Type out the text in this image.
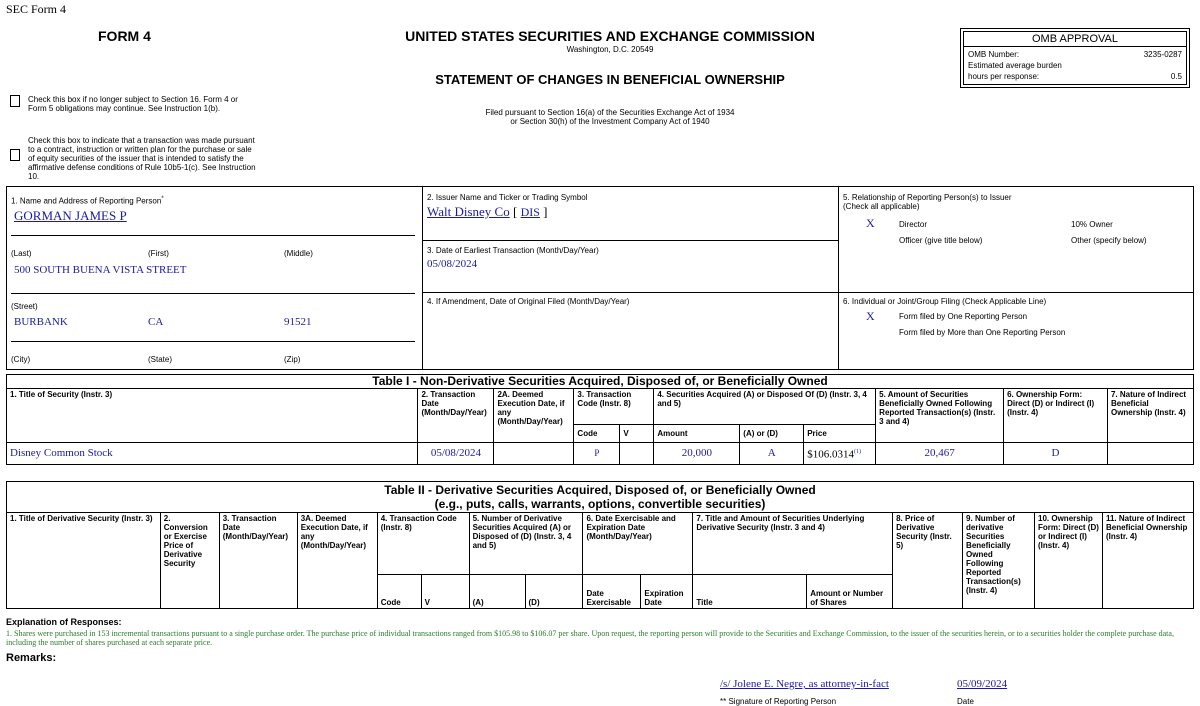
SEC Form 4
FORM 4	UNITED STATES SECURITIES AND EXCHANGE COMMISSION
Washington, D.C. 20549
STATEMENT OF CHANGES IN BENEFICIAL OWNERSHIP
Filed pursuant to Section 16(a) of the Securities Exchange Act of 1934
or Section 30(h) of the Investment Company Act of 1940
OMB APPROVAL
OMB Number:	3235-0287
Estimated average burden
hours per response:	0.5
Check this box if no longer subject to Section 16. Form 4 or Form 5 obligations may continue. See Instruction 1(b).
Check this box to indicate that a transaction was made pursuant to a contract, instruction or written plan for the purchase or sale of equity securities of the issuer that is intended to satisfy the affirmative defense conditions of Rule 10b5-1(c). See Instruction 10.
1. Name and Address of Reporting Person*
GORMAN JAMES P
(Last)	(First)	(Middle)
500 SOUTH BUENA VISTA STREET
(Street)
BURBANK	CA	91521
(City)	(State)	(Zip)
2. Issuer Name and Ticker or Trading Symbol
Walt Disney Co [ DIS ]
3. Date of Earliest Transaction (Month/Day/Year)
05/08/2024
4. If Amendment, Date of Original Filed (Month/Day/Year)
5. Relationship of Reporting Person(s) to Issuer
(Check all applicable)
X	Director	10% Owner
Officer (give title below)	Other (specify below)
6. Individual or Joint/Group Filing (Check Applicable Line)
X	Form filed by One Reporting Person
Form filed by More than One Reporting Person
Table I - Non-Derivative Securities Acquired, Disposed of, or Beneficially Owned										
1. Title of Security (Instr. 3)	2. Transaction Date (Month/Day/Year)	2A. Deemed Execution Date, if any (Month/Day/Year)	3. Transaction Code (Instr. 8)		4. Securities Acquired (A) or Disposed Of (D) (Instr. 3, 4 and 5)			5. Amount of Securities Beneficially Owned Following Reported Transaction(s) (Instr. 3 and 4)	6. Ownership Form: Direct (D) or Indirect (I) (Instr. 4)	7. Nature of Indirect Beneficial Ownership (Instr. 4)
			Code	V	Amount	(A) or (D)	Price			
Disney Common Stock	05/08/2024		P		20,000	A	$106.0314$^{(1)}$	20,467	D	
Table II - Derivative Securities Acquired, Disposed of, or Beneficially Owned
(e.g., puts, calls, warrants, options, convertible securities)															

1. Title of Derivative Security (Instr. 3)	2. Conversion or Exercise Price of Derivative Security	3. Transaction Date (Month/Day/Year)	3A. Deemed Execution Date, if any (Month/Day/Year)	4. Transaction Code (Instr. 8)		5. Number of Derivative Securities Acquired (A) or Disposed of (D) (Instr. 3, 4 and 5)		6. Date Exercisable and Expiration Date (Month/Day/Year)		7. Title and Amount of Securities Underlying Derivative Security (Instr. 3 and 4)		8. Price of Derivative Security (Instr. 5)	9. Number of derivative Securities Beneficially Owned Following Reported Transaction(s) (Instr. 4)	10. Ownership Form: Direct (D) or Indirect (I) (Instr. 4)	11. Nature of Indirect Beneficial Ownership (Instr. 4)
				Code	V	(A)	(D)	Date Exercisable	Expiration Date	Title	Amount or Number of Shares				
Explanation of Responses:
1. Shares were purchased in 153 incremental transactions pursuant to a single purchase order. The purchase price of individual transactions ranged from $105.98 to $106.07 per share. Upon request, the reporting person will provide to the Securities and Exchange Commission, to the issuer of the securities herein, or to a securities holder the complete purchase data, including the number of shares purchased at each separate price.
Remarks:
/s/ Jolene E. Negre, as attorney-in-fact	05/09/2024
** Signature of Reporting Person	Date
